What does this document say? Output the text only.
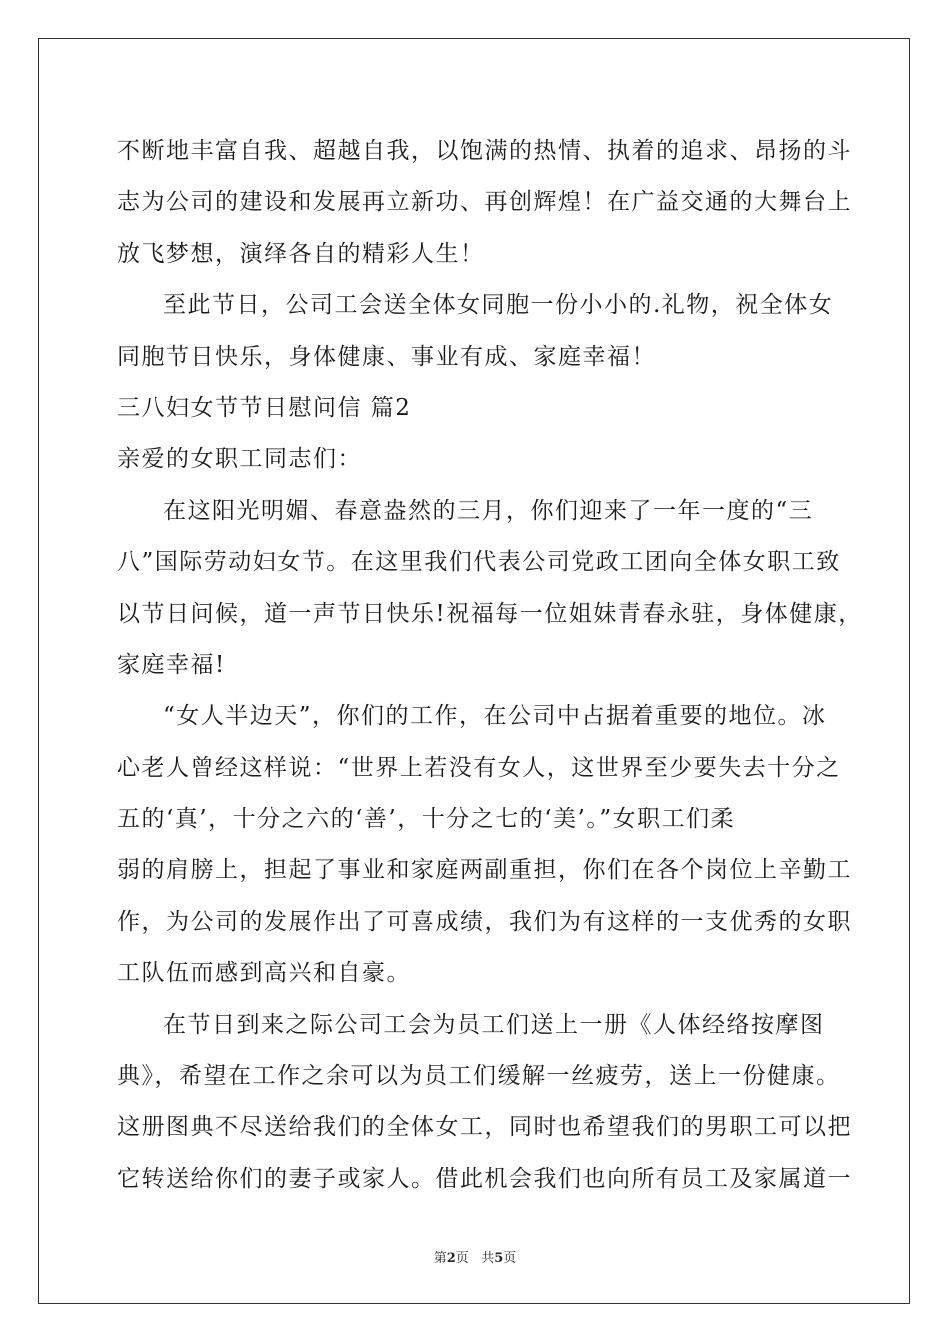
不断地丰富自我、超越自我，以饱满的热情、执着的追求、昂扬的斗
志为公司的建设和发展再立新功、再创辉煌！在广益交通的大舞台上
放飞梦想，演绎各自的精彩人生！
至此节日，公司工会送全体女同胞一份小小的.礼物，祝全体女
同胞节日快乐，身体健康、事业有成、家庭幸福！
三八妇女节节日慰问信 篇2
亲爱的女职工同志们：
在这阳光明媚、春意盎然的三月，你们迎来了一年一度的“三
八”国际劳动妇女节。在这里我们代表公司党政工团向全体女职工致
以节日问候，道一声节日快乐!祝福每一位姐妹青春永驻，身体健康，
家庭幸福!
“女人半边天”，你们的工作，在公司中占据着重要的地位。冰
心老人曾经这样说：“世界上若没有女人，这世界至少要失去十分之
五的‘真’，十分之六的‘善’，十分之七的‘美’。”女职工们柔
弱的肩膀上，担起了事业和家庭两副重担，你们在各个岗位上辛勤工
作，为公司的发展作出了可喜成绩，我们为有这样的一支优秀的女职
工队伍而感到高兴和自豪。
在节日到来之际公司工会为员工们送上一册《人体经络按摩图
典》，希望在工作之余可以为员工们缓解一丝疲劳，送上一份健康。
这册图典不尽送给我们的全体女工，同时也希望我们的男职工可以把
它转送给你们的妻子或家人。借此机会我们也向所有员工及家属道一
第2页 共5页
